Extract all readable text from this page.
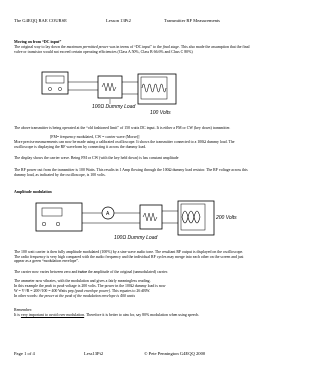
The G4EQQ RAE COURSE	Lesson 13Pt2	Transmitter RF Measurements

Moving on from “DC input”

The original way to lay down the maximum permitted power was in terms of “DC input” to the final stage. This also made the assumption that the final valve or transistor would not exceed certain operating efficiencies (Class A 50%, Class B 66.6% and Class C 80%)

100Ω Dummy Load
100 Volts

The above transmitter is being operated at the “old fashioned limit” of 150 watts DC input. It is either a FM or CW (key down) transmitter.

[FM= frequency modulated, CW = carrier wave (Morse)]

More precise measurements can now be made using a calibrated oscilloscope. It shows the transmitter connected to a 100Ω dummy load. The oscilloscope is displaying the RF waveform by connecting it across the dummy load.

The display shows the carrier wave. Being FM or CW (with the key held down) is has constant amplitude

The RF power out from the transmitter is 100 Watts. This results in 1 Amp flowing through the 100Ω dummy load resistor. The RF voltage across this dummy load, as indicated by the oscilloscope, is 100 volts.

Amplitude modulation

A
100Ω Dummy Load
200 Volts

The 100 watt carrier is then fully amplitude modulated (100%) by a sine wave audio tone. The resultant RF output is displayed on the oscilloscope. The radio frequency is very high compared with the audio frequency and the individual RF cycles may merge into each other on the screen and just appear as a green “modulation envelope”.

The carrier now varies between zero and twice the amplitude of the original (unmodulated) carrier.

The ammeter now vibrates, with the modulation and gives a fairly meaningless reading.

In this example the peak to peak voltage is 200 volts. The power in the 100Ω dummy load is now

W = V²/R = 200²/100 = 400 Watts pep (peak envelope power). This equates to 26 dBW.

In other words: the power at the peak of the modulation envelope is 400 watts

Remember:

It is very important to avoid over modulation. Therefore it is better to aim for, say 80% modulation when using speech.

Page 1 of 4	Less13Pt2	© Pete Pennington G4EQQ 2000
